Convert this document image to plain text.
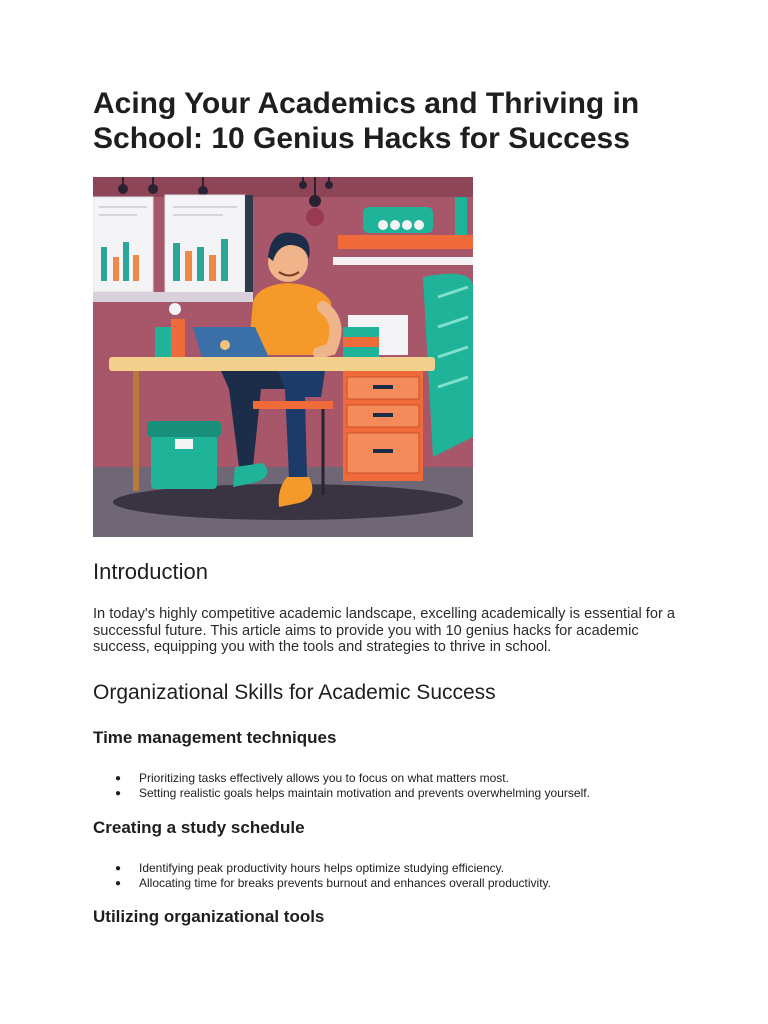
Acing Your Academics and Thriving in School: 10 Genius Hacks for Success
Introduction

In today's highly competitive academic landscape, excelling academically is essential for a successful future. This article aims to provide you with 10 genius hacks for academic success, equipping you with the tools and strategies to thrive in school.

Organizational Skills for Academic Success
Time management techniques
● Prioritizing tasks effectively allows you to focus on what matters most.
● Setting realistic goals helps maintain motivation and prevents overwhelming yourself.
Creating a study schedule
● Identifying peak productivity hours helps optimize studying efficiency.
● Allocating time for breaks prevents burnout and enhances overall productivity.
Utilizing organizational tools
